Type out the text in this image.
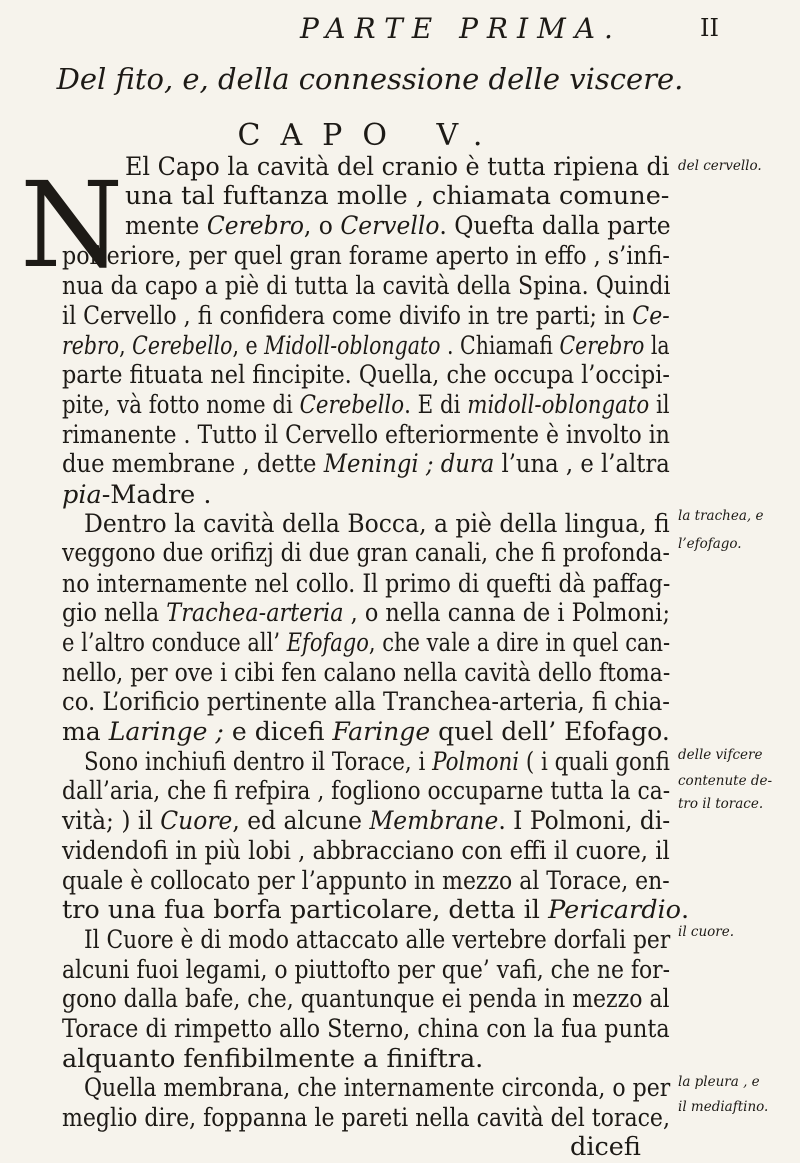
PARTE PRIMA.	II
Del fito, e, della connessione delle viscere.
CAPO V.
N El Capo la cavità del cranio è tutta ripiena di
una tal fuftanza molle , chiamata comune-
mente Cerebro, o Cervello. Quefta dalla parte
pofteriore, per quel gran forame aperto in effo , s’infi-
nua da capo a piè di tutta la cavità della Spina. Quindi
il Cervello , fi confidera come divifo in tre parti; in Ce-
rebro, Cerebello, e Midoll-oblongato . Chiamafi Cerebro la
parte fituata nel fincipite. Quella, che occupa l’occipi-
pite, và fotto nome di Cerebello. E di midoll-oblongato il
rimanente . Tutto il Cervello efteriormente è involto in
due membrane , dette Meningi ; dura l’una , e l’altra
pia-Madre .
Dentro la cavità della Bocca, a piè della lingua, fi
veggono due orifizj di due gran canali, che fi profonda-
no internamente nel collo. Il primo di quefti dà paffag-
gio nella Trachea-arteria , o nella canna de i Polmoni;
e l’altro conduce all’ Efofago, che vale a dire in quel can-
nello, per ove i cibi fen calano nella cavità dello ftoma-
co. L’orificio pertinente alla Tranchea-arteria, fi chia-
ma Laringe ; e dicefi Faringe quel dell’ Efofago.
Sono inchiufi dentro il Torace, i Polmoni ( i quali gonfi
dall’aria, che fi refpira , fogliono occuparne tutta la ca-
vità; ) il Cuore, ed alcune Membrane. I Polmoni, di-
videndofi in più lobi , abbracciano con effi il cuore, il
quale è collocato per l’appunto in mezzo al Torace, en-
tro una fua borfa particolare, detta il Pericardio.
Il Cuore è di modo attaccato alle vertebre dorfali per
alcuni fuoi legami, o piuttofto per que’ vafi, che ne for-
gono dalla bafe, che, quantunque ei penda in mezzo al
Torace di rimpetto allo Sterno, china con la fua punta
alquanto fenfibilmente a finiftra.
Quella membrana, che internamente circonda, o per
meglio dire, foppanna le pareti nella cavità del torace,
dicefi
del cervello.
la trachea, e
l’efofago.
delle vifcere
contenute de-
tro il torace.
il cuore.
la pleura , e
il mediaftino.
